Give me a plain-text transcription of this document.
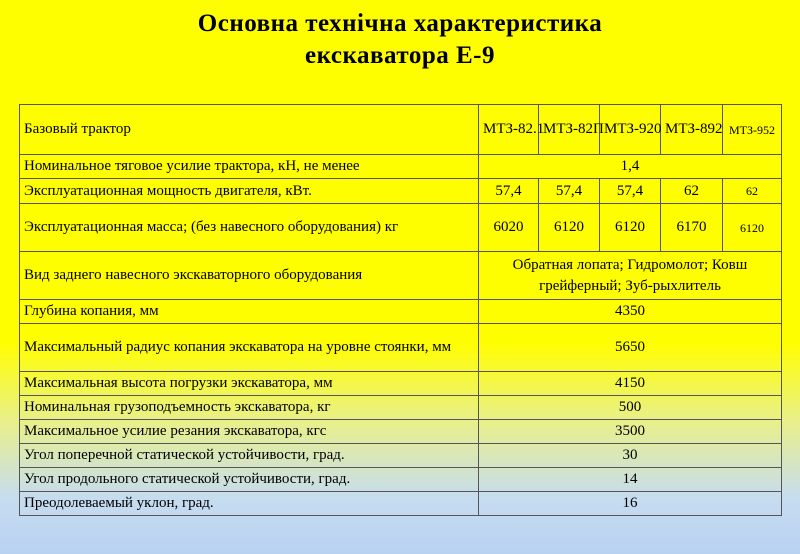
Основна технічна характеристика
екскаватора Е-9
Базовый трактор	МТЗ-82.1	МТЗ-82П	МТЗ-920	МТЗ-892	МТЗ-952
Номинальное тяговое усилие трактора, кН, не менее	1,4				
Эксплуатационная мощность двигателя, кВт.	57,4	57,4	57,4	62	62
Эксплуатационная масса; (без навесного оборудования) кг	6020	6120	6120	6170	6120
Вид заднего навесного экскаваторного оборудования	Обратная лопата; Гидромолот; Ковш грейферный; Зуб-рыхлитель				
Глубина копания, мм	4350				
Максимальный радиус копания экскаватора на уровне стоянки, мм	5650				
Максимальная высота погрузки экскаватора, мм	4150				
Номинальная грузоподъемность экскаватора, кг	500				
Максимальное усилие резания экскаватора, кгс	3500				
Угол поперечной статической устойчивости, град.	30				
Угол продольного статической устойчивости, град.	14				
Преодолеваемый уклон, град.	16				
